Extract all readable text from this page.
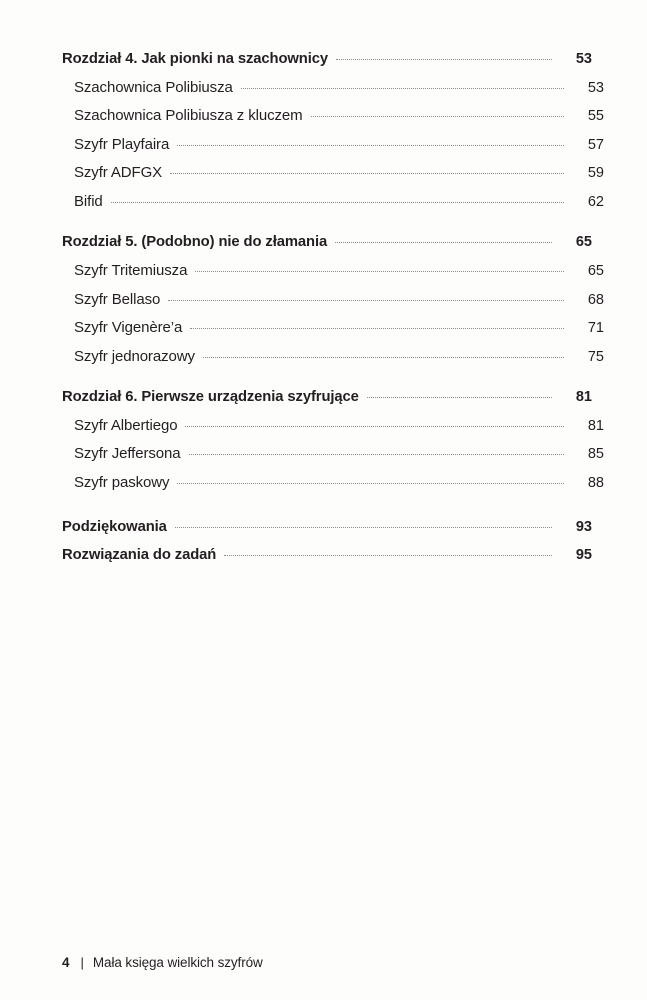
Rozdział 4. Jak pionki na szachownicy	53
Szachownica Polibiusza	53
Szachownica Polibiusza z kluczem	55
Szyfr Playfaira	57
Szyfr ADFGX	59
Bifid	62
Rozdział 5. (Podobno) nie do złamania	65
Szyfr Tritemiusza	65
Szyfr Bellaso	68
Szyfr Vigenère’a	71
Szyfr jednorazowy	75
Rozdział 6. Pierwsze urządzenia szyfrujące	81
Szyfr Albertiego	81
Szyfr Jeffersona	85
Szyfr paskowy	88
Podziękowania	93
Rozwiązania do zadań	95
4 | Mała księga wielkich szyfrów
